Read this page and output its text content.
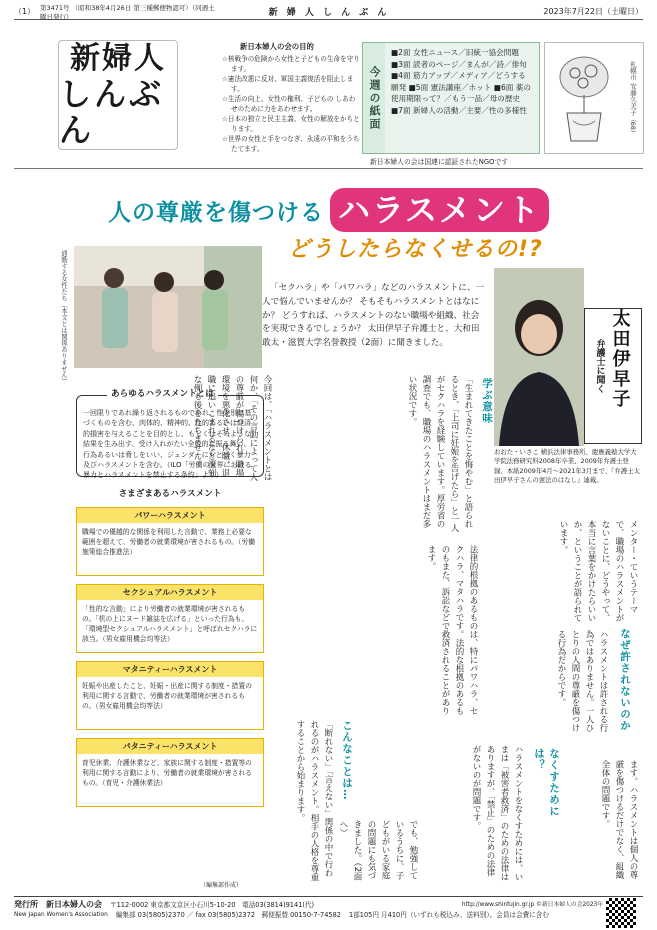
（1） 第3471号 （昭和38年4月26日 第三種郵便物認可）（同週土曜日発行）	新 婦 人 し ん ぶ ん	2023年7月22日（土曜日）
新婦人
しんぶん
新日本婦人の会の目的
☆核戦争の危険から女性と子どもの生命を守ります。
☆憲法改悪に反対、軍国主義復活を阻止します。
☆生活の向上、女性の権利、子どもの しあわせのために力をあわせます。
☆日本の独立と民主主義、女性の解放をかちとります。
☆世界の女性と手をつなぎ、永遠の平和をうちたてます。
今週の紙面
■2面 女性ニュース／旧統一協会問題 ■3面 読者のページ／まんが／詩／俳句 ■4面 筋力アップ／メディア／どうする願発 ■5面 憲法講座／ホット ■6面 薬の使用期限って？／もう一品／母の歴史 ■7面 新婦人の活動／主要／性の多様性	札幌市 安藤久美子（68）
新日本婦人の会は国連に認証されたNGOです
人の尊厳を傷つける ハラスメント
どうしたらなくせるの!?
通勤する女性たち（本文とは関係ありません）	「セクハラ」や「パワハラ」などのハラスメントに、一人で悩んでいませんか？ そもそもハラスメントとはなにか？ どうすれば、ハラスメントのない職場や組織、社会を実現できるでしょうか？ 太田伊早子弁護士と、大和田敢太・滋賀大学名誉教授（2面）に聞きました。	太田伊早子
弁護士に聞く
おおた・いさこ 横浜法律事務所、慶應義塾大学大学院法務研究科2008年卒業、2009年弁護士登録、本紙2009年4月～2021年3月まで、『弁護士太田伊早子さんの憲法のはなし』連載。
あらゆるハラスメントとは
一回限りであれ繰り返されるものであれ、性差別に基づくものを含む、肉体的、精神的、性的あるいは経済的損害を与えることを目的とし、もしくはそのような結果を生み出す、受け入れがたい全般的な振る舞い、行為あるいは脅しをいい、ジェンダーにもとづく暴力及びハラスメントを含む。（ILO「労働の世界における暴力とハラスメントを禁止する条約」より）
さまざまあるハラスメント
パワーハラスメント
職場での優越的な関係を利用した言動で、業務上必要な範囲を超えて、労働者の就業環境が害されるもの。（労働施策総合推進法）
セクシュアルハラスメント
「性的な言動」により労働者の就業環境が害されるもの。「机の上にヌード雑誌を広げる」といった行為も、「環境型セクシュアルハラスメント」と呼ばれセクハラに該当。（男女雇用機会均等法）
マタニティーハラスメント
妊娠や出産したこと、妊娠・出産に関する制度・措置の利用に関する言動で、労働者の就業環境が害されるもの。（男女雇用機会均等法）
パタニティーハラスメント
育児休業、介護休業など、家族に関する制度・措置等の利用に関する言動により、労働者の就業環境が害されるもの。（育児・介護休業法）
（編集部作成）
今回は、「ハラスメントとは何か、「その言動によって人の尊厳が傷つけられ、職場環境を悪化させ、休職、退職に追いこまれるなど深刻な例も後をたちません。	学ぶ意味
「生まれてきたことを悔やむ」と語られるとき、「上司に妊娠を告げたら」と一人がセクハラを経験しています。厚労省の調査でも、職場のハラスメントはまだ多い状況です。
法律的根拠のあるものは、特にパワハラ、セクハラ、マタハラです。法的な根拠のあるものもまた、訴訟などで救済されることがあります。	メンター・ていうテーマで、職場のハラスメントがないことに、どうやって、本当に言葉をかけたらいいか、ということが語られています。
なぜ許されないのか
ハラスメントは許される行為ではありません。一人ひとりの人間の尊厳を傷つける行為だからです。
なくすためには？
ハラスメントをなくすためには、いまは「被害者救済」のための法律はありますが、「禁止」のための法律がないのが問題です。
こんなことは…
「断れない」「言えない」関係の中で行われるのがハラスメント。相手の人格を尊重することから始まります。	ます。ハラスメントは個人の尊厳を傷つけるだけでなく、組織全体の問題です。
でも、勉強しているうちに、子どもがいる家庭の問題にも気づきました。（2面へ）
発行所　新日本婦人の会 〒112-0002 東京都文京区小石川5-10-20　電話03(3814)9141(代)	http://www.shinfujin.gr.jp ©新日本婦人の会2023年
New Japan Women's Association 編集部 03(5805)2370 ／ fax 03(5805)2372　郵便振替 00150-7-74582 1部105円 月410円（いずれも税込み、送料別）。会員は会費に含む
